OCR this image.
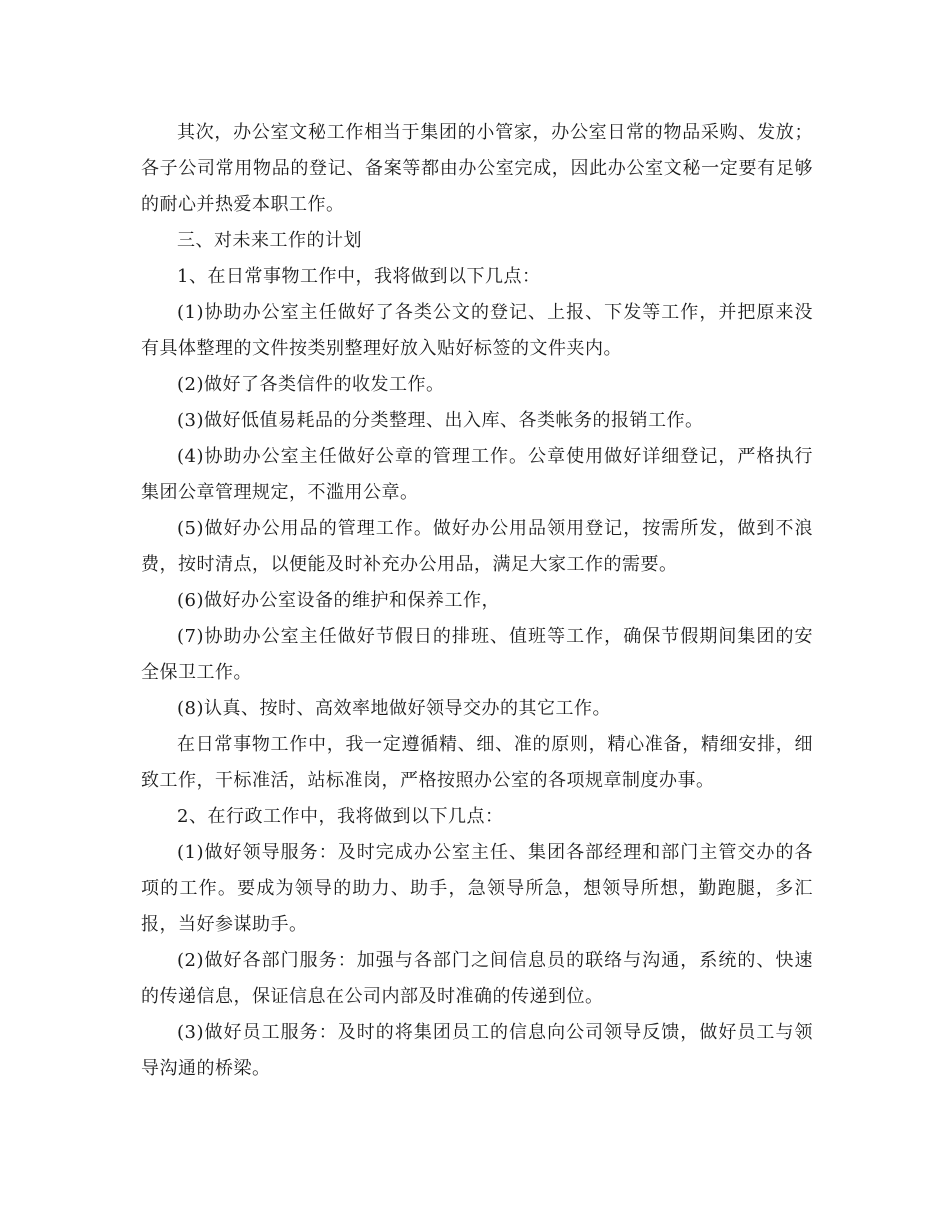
其次，办公室文秘工作相当于集团的小管家，办公室日常的物品采购、发放；各子公司常用物品的登记、备案等都由办公室完成，因此办公室文秘一定要有足够的耐心并热爱本职工作。

三、对未来工作的计划

1、在日常事物工作中，我将做到以下几点：

(1)协助办公室主任做好了各类公文的登记、上报、下发等工作，并把原来没有具体整理的文件按类别整理好放入贴好标签的文件夹内。

(2)做好了各类信件的收发工作。

(3)做好低值易耗品的分类整理、出入库、各类帐务的报销工作。

(4)协助办公室主任做好公章的管理工作。公章使用做好详细登记，严格执行集团公章管理规定，不滥用公章。

(5)做好办公用品的管理工作。做好办公用品领用登记，按需所发，做到不浪费，按时清点，以便能及时补充办公用品，满足大家工作的需要。

(6)做好办公室设备的维护和保养工作，

(7)协助办公室主任做好节假日的排班、值班等工作，确保节假期间集团的安全保卫工作。

(8)认真、按时、高效率地做好领导交办的其它工作。

在日常事物工作中，我一定遵循精、细、准的原则，精心准备，精细安排，细致工作，干标准活，站标准岗，严格按照办公室的各项规章制度办事。

2、在行政工作中，我将做到以下几点：

(1)做好领导服务：及时完成办公室主任、集团各部经理和部门主管交办的各项的工作。要成为领导的助力、助手，急领导所急，想领导所想，勤跑腿，多汇报，当好参谋助手。

(2)做好各部门服务：加强与各部门之间信息员的联络与沟通，系统的、快速的传递信息，保证信息在公司内部及时准确的传递到位。

(3)做好员工服务：及时的将集团员工的信息向公司领导反馈，做好员工与领导沟通的桥梁。
